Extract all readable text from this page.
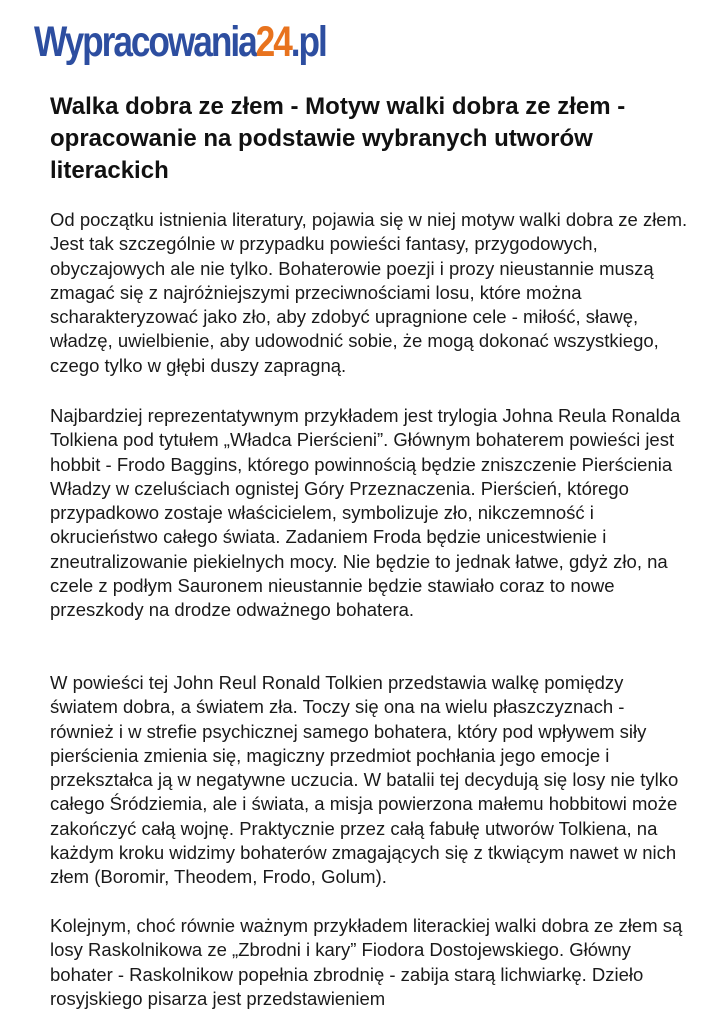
Wypracowania 24 .pl
Walka dobra ze złem - Motyw walki dobra ze złem - opracowanie na podstawie wybranych utworów literackich

Od początku istnienia literatury, pojawia się w niej motyw walki dobra ze złem. Jest tak szczególnie w przypadku powieści fantasy, przygodowych, obyczajowych ale nie tylko. Bohaterowie poezji i prozy nieustannie muszą zmagać się z najróżniejszymi przeciwnościami losu, które można scharakteryzować jako zło, aby zdobyć upragnione cele - miłość, sławę, władzę, uwielbienie, aby udowodnić sobie, że mogą dokonać wszystkiego, czego tylko w głębi duszy zapragną.

Najbardziej reprezentatywnym przykładem jest trylogia Johna Reula Ronalda Tolkiena pod tytułem „Władca Pierścieni”. Głównym bohaterem powieści jest hobbit - Frodo Baggins, którego powinnością będzie zniszczenie Pierścienia Władzy w czeluściach ognistej Góry Przeznaczenia. Pierścień, którego przypadkowo zostaje właścicielem, symbolizuje zło, nikczemność i okrucieństwo całego świata. Zadaniem Froda będzie unicestwienie i zneutralizowanie piekielnych mocy. Nie będzie to jednak łatwe, gdyż zło, na czele z podłym Sauronem nieustannie będzie stawiało coraz to nowe przeszkody na drodze odważnego bohatera.

W powieści tej John Reul Ronald Tolkien przedstawia walkę pomiędzy światem dobra, a światem zła. Toczy się ona na wielu płaszczyznach - również i w strefie psychicznej samego bohatera, który pod wpływem siły pierścienia zmienia się, magiczny przedmiot pochłania jego emocje i przekształca ją w negatywne uczucia. W batalii tej decydują się losy nie tylko całego Śródziemia, ale i świata, a misja powierzona małemu hobbitowi może zakończyć całą wojnę. Praktycznie przez całą fabułę utworów Tolkiena, na każdym kroku widzimy bohaterów zmagających się z tkwiącym nawet w nich złem (Boromir, Theodem, Frodo, Golum).

Kolejnym, choć równie ważnym przykładem literackiej walki dobra ze złem są losy Raskolnikowa ze „Zbrodni i kary” Fiodora Dostojewskiego. Główny bohater - Raskolnikow popełnia zbrodnię - zabija starą lichwiarkę. Dzieło rosyjskiego pisarza jest przedstawieniem
